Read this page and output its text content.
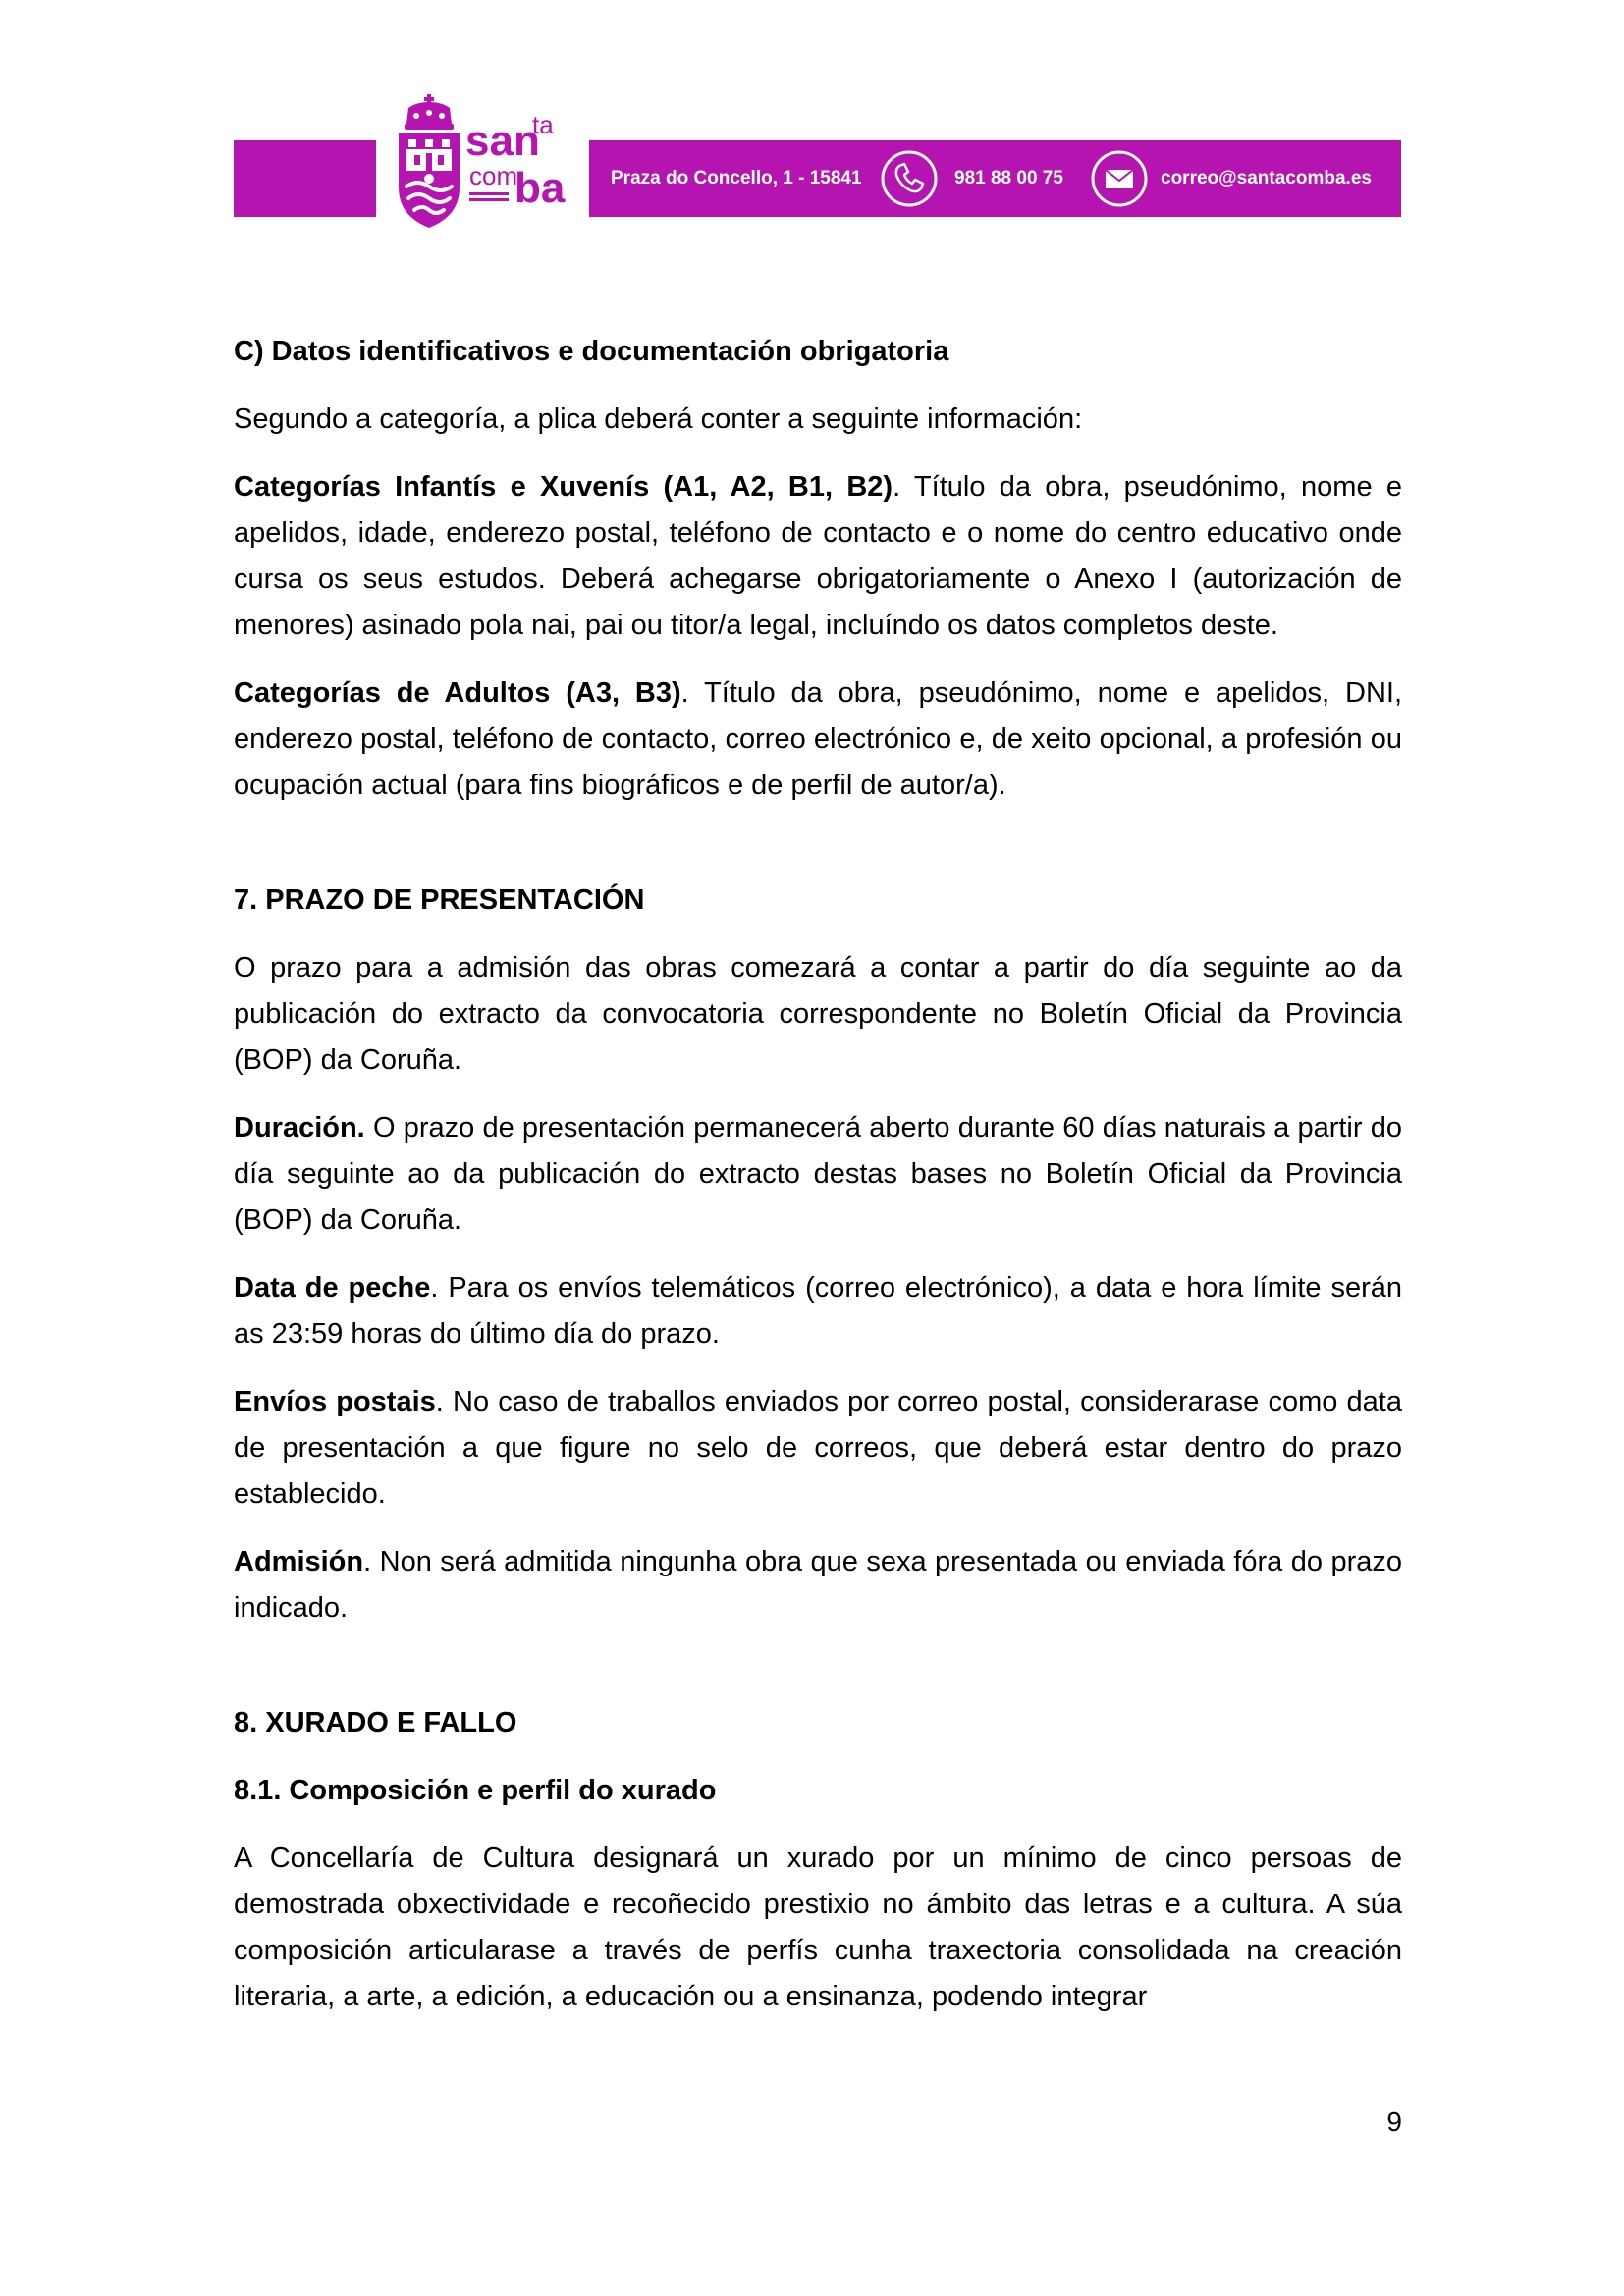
san
ta
com
ba Praza do Concello, 1 - 15841	981 88 00 75	correo@santacomba.es
C) Datos identificativos e documentación obrigatoria

Segundo a categoría, a plica deberá conter a seguinte información:

Categorías Infantís e Xuvenís (A1, A2, B1, B2). Título da obra, pseudónimo, nome e apelidos, idade, enderezo postal, teléfono de contacto e o nome do centro educativo onde cursa os seus estudos. Deberá achegarse obrigatoriamente o Anexo I (autorización de menores) asinado pola nai, pai ou titor/a legal, incluíndo os datos completos deste.

Categorías de Adultos (A3, B3). Título da obra, pseudónimo, nome e apelidos, DNI, enderezo postal, teléfono de contacto, correo electrónico e, de xeito opcional, a profesión ou ocupación actual (para fins biográficos e de perfil de autor/a).

7. PRAZO DE PRESENTACIÓN

O prazo para a admisión das obras comezará a contar a partir do día seguinte ao da publicación do extracto da convocatoria correspondente no Boletín Oficial da Provincia (BOP) da Coruña.

Duración. O prazo de presentación permanecerá aberto durante 60 días naturais a partir do día seguinte ao da publicación do extracto destas bases no Boletín Oficial da Provincia (BOP) da Coruña.

Data de peche. Para os envíos telemáticos (correo electrónico), a data e hora límite serán as 23:59 horas do último día do prazo.

Envíos postais. No caso de traballos enviados por correo postal, considerarase como data de presentación a que figure no selo de correos, que deberá estar dentro do prazo establecido.

Admisión. Non será admitida ningunha obra que sexa presentada ou enviada fóra do prazo indicado.

8. XURADO E FALLO
8.1. Composición e perfil do xurado

A Concellaría de Cultura designará un xurado por un mínimo de cinco persoas de demostrada obxectividade e recoñecido prestixio no ámbito das letras e a cultura. A súa composición articularase a través de perfís cunha traxectoria consolidada na creación literaria, a arte, a edición, a educación ou a ensinanza, podendo integrar

9
